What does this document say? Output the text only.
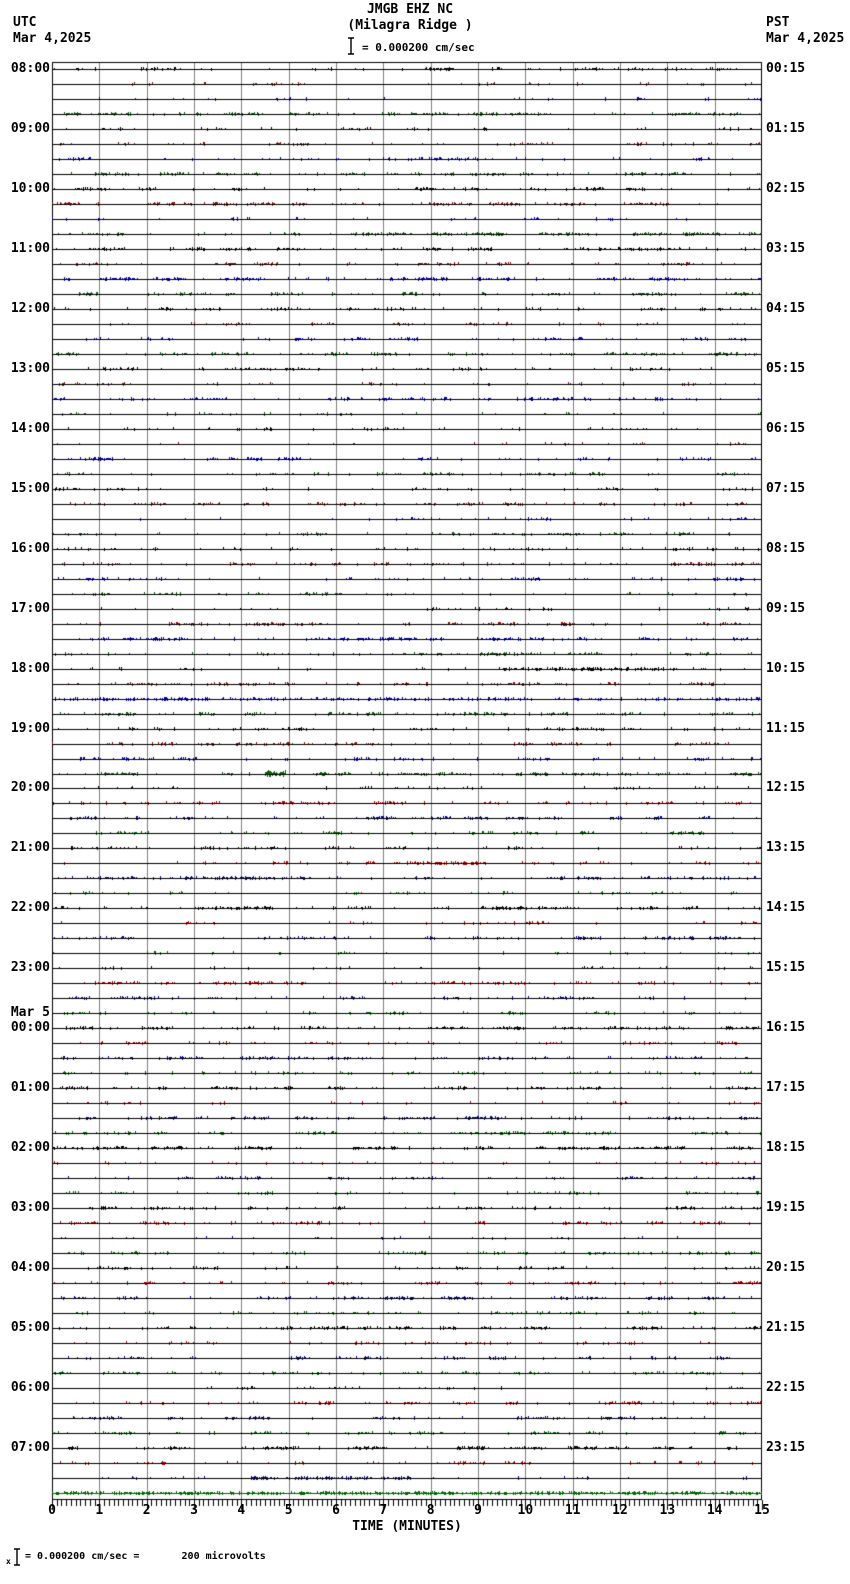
JMGB EHZ NC
(Milagra Ridge )
UTC
Mar 4,2025
PST
Mar 4,2025
= 0.000200 cm/sec
08:00	00:15
09:00	01:15
10:00	02:15
11:00	03:15
12:00	04:15
13:00	05:15
14:00	06:15
15:00	07:15
16:00	08:15
17:00	09:15
18:00	10:15
19:00	11:15
20:00	12:15
21:00	13:15
22:00	14:15
23:00	15:15
Mar 5
00:00	16:15
01:00	17:15
02:00	18:15
03:00	19:15
04:00	20:15
05:00	21:15
06:00	22:15
07:00	23:15
0	1	2	3	4	5	6	7	8	9	10	11	12	13	14	15
TIME (MINUTES)
x = 0.000200 cm/sec =       200 microvolts
